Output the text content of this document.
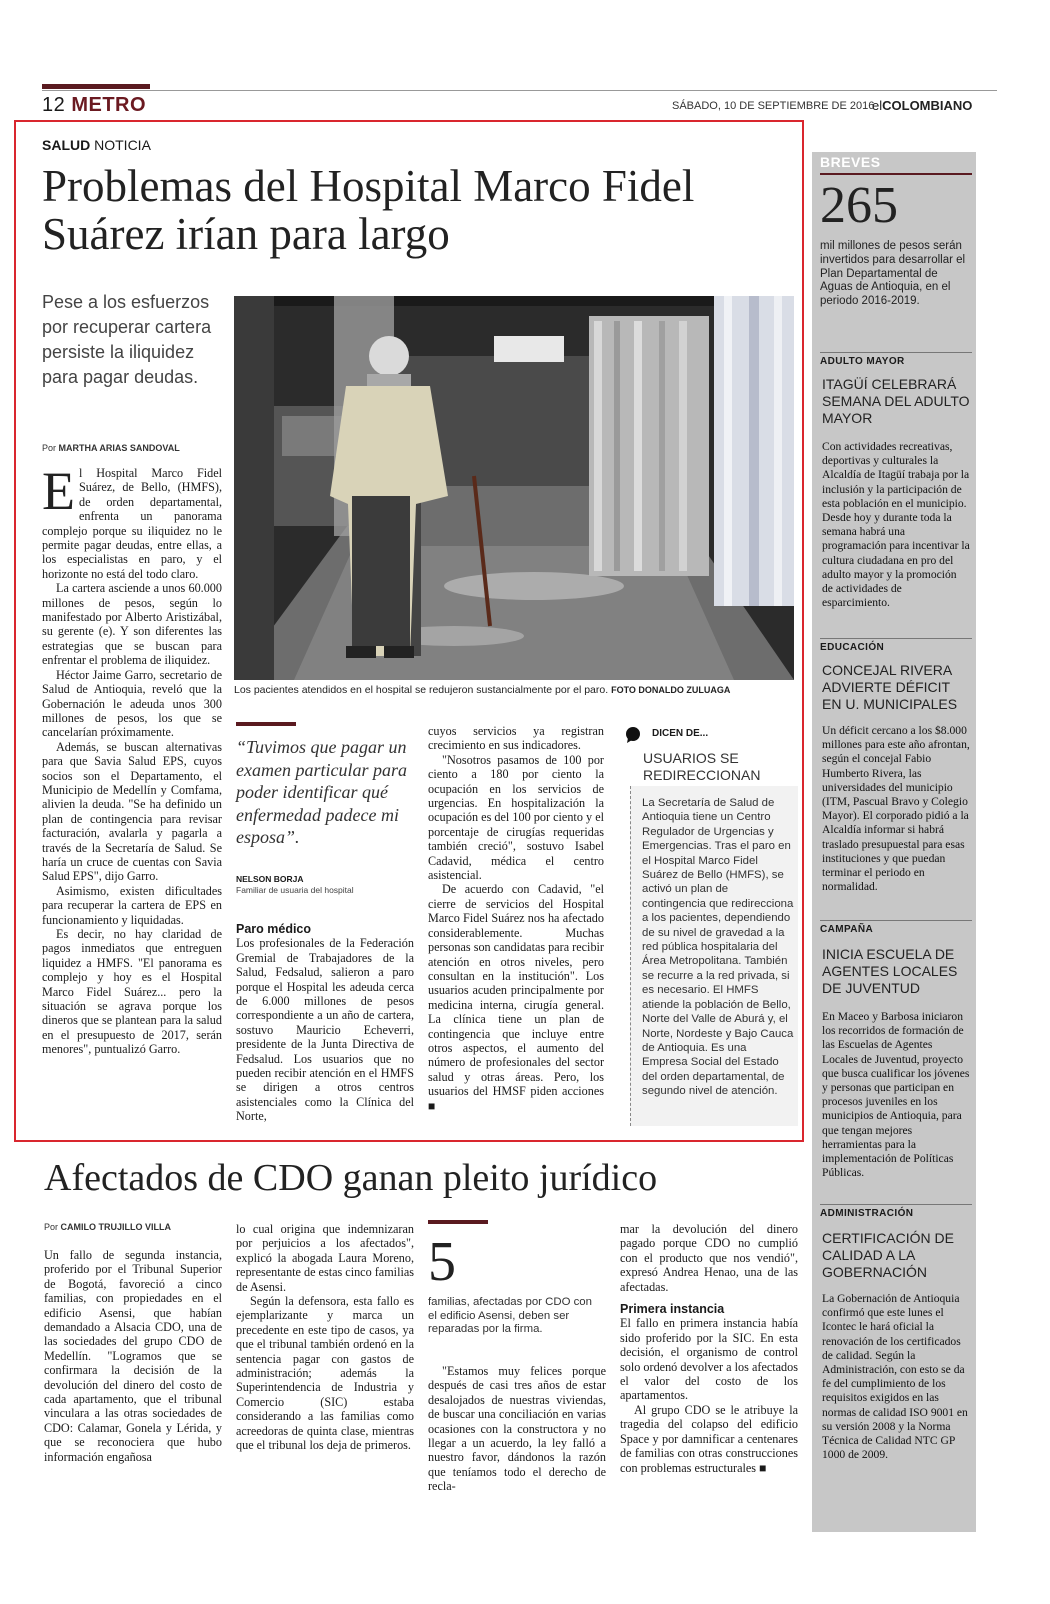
12 METRO	SÁBADO, 10 DE SEPTIEMBRE DE 2016
elCOLOMBIANO
SALUD NOTICIA
Problemas del Hospital Marco Fidel Suárez irían para largo
Pese a los esfuerzos por recuperar cartera persiste la iliquidez para pagar deudas.
Por MARTHA ARIAS SANDOVAL

El Hospital Marco Fidel Suárez, de Bello, (HMFS), de orden departamental, enfrenta un panorama complejo porque su iliquidez no le permite pagar deudas, entre ellas, a los especialistas en paro, y el horizonte no está del todo claro.

La cartera asciende a unos 60.000 millones de pesos, según lo manifestado por Alberto Aristizábal, su gerente (e). Y son diferentes las estrategias que se buscan para enfrentar el problema de iliquidez.

Héctor Jaime Garro, secretario de Salud de Antioquia, reveló que la Gobernación le adeuda unos 300 millones de pesos, los que se cancelarían próximamente.

Además, se buscan alternativas para que Savia Salud EPS, cuyos socios son el Departamento, el Municipio de Medellín y Comfama, alivien la deuda. "Se ha definido un plan de contingencia para revisar facturación, avalarla y pagarla a través de la Secretaría de Salud. Se haría un cruce de cuentas con Savia Salud EPS", dijo Garro.

Asimismo, existen dificultades para recuperar la cartera de EPS en funcionamiento y liquidadas.

Es decir, no hay claridad de pagos inmediatos que entreguen liquidez a HMFS. "El panorama es complejo y hoy es el Hospital Marco Fidel Suárez... pero la situación se agrava porque los dineros que se plantean para la salud en el presupuesto de 2017, serán menores", puntualizó Garro.

Los pacientes atendidos en el hospital se redujeron sustancialmente por el paro. FOTO DONALDO ZULUAGA
“Tuvimos que pagar un examen particular para poder identificar qué enfermedad padece mi esposa”.
NELSON BORJA
Familiar de usuaria del hospital
Paro médico

Los profesionales de la Federación Gremial de Trabajadores de la Salud, Fedsalud, salieron a paro porque el Hospital les adeuda cerca de 6.000 millones de pesos correspondiente a un año de cartera, sostuvo Mauricio Echeverri, presidente de la Junta Directiva de Fedsalud. Los usuarios que no pueden recibir atención en el HMFS se dirigen a otros centros asistenciales como la Clínica del Norte,

cuyos servicios ya registran crecimiento en sus indicadores.

"Nosotros pasamos de 100 por ciento a 180 por ciento la ocupación en los servicios de urgencias. En hospitalización la ocupación es del 100 por ciento y el porcentaje de cirugías requeridas también creció", sostuvo Isabel Cadavid, médica el centro asistencial.

De acuerdo con Cadavid, "el cierre de servicios del Hospital Marco Fidel Suárez nos ha afectado considerablemente. Muchas personas son candidatas para recibir atención en otros niveles, pero consultan en la institución". Los usuarios acuden principalmente por medicina interna, cirugía general. La clínica tiene un plan de contingencia que incluye entre otros aspectos, el aumento del número de profesionales del sector salud y otras áreas. Pero, los usuarios del HMSF piden acciones ■

DICEN DE...
USUARIOS SE REDIRECCIONAN
La Secretaría de Salud de Antioquia tiene un Centro Regulador de Urgencias y Emergencias. Tras el paro en el Hospital Marco Fidel Suárez de Bello (HMFS), se activó un plan de contingencia que redirecciona a los pacientes, dependiendo de su nivel de gravedad a la red pública hospitalaria del Área Metropolitana. También se recurre a la red privada, si es necesario. El HMFS atiende la población de Bello, Norte del Valle de Aburá y, el Norte, Nordeste y Bajo Cauca de Antioquia. Es una Empresa Social del Estado del orden departamental, de segundo nivel de atención.
BREVES
265
mil millones de pesos serán invertidos para desarrollar el Plan Departamental de Aguas de Antioquia, en el periodo 2016-2019.
ADULTO MAYOR
ITAGÜÍ CELEBRARÁ SEMANA DEL ADULTO MAYOR
Con actividades recreativas, deportivas y culturales la Alcaldía de Itagüí trabaja por la inclusión y la participación de esta población en el municipio. Desde hoy y durante toda la semana habrá una programación para incentivar la cultura ciudadana en pro del adulto mayor y la promoción de actividades de esparcimiento.
EDUCACIÓN
CONCEJAL RIVERA ADVIERTE DÉFICIT EN U. MUNICIPALES
Un déficit cercano a los $8.000 millones para este año afrontan, según el concejal Fabio Humberto Rivera, las universidades del municipio (ITM, Pascual Bravo y Colegio Mayor). El corporado pidió a la Alcaldía informar si habrá traslado presupuestal para esas instituciones y que puedan terminar el periodo en normalidad.
CAMPAÑA
INICIA ESCUELA DE AGENTES LOCALES DE JUVENTUD
En Maceo y Barbosa iniciaron los recorridos de formación de las Escuelas de Agentes Locales de Juventud, proyecto que busca cualificar los jóvenes y personas que participan en procesos juveniles en los municipios de Antioquia, para que tengan mejores herramientas para la implementación de Políticas Públicas.
ADMINISTRACIÓN
CERTIFICACIÓN DE CALIDAD A LA GOBERNACIÓN
La Gobernación de Antioquia confirmó que este lunes el Icontec le hará oficial la renovación de los certificados de calidad. Según la Administración, con esto se da fe del cumplimiento de los requisitos exigidos en las normas de calidad ISO 9001 en su versión 2008 y la Norma Técnica de Calidad NTC GP 1000 de 2009.
Afectados de CDO ganan pleito jurídico
Por CAMILO TRUJILLO VILLA

Un fallo de segunda instancia, proferido por el Tribunal Superior de Bogotá, favoreció a cinco familias, con propiedades en el edificio Asensi, que habían demandado a Alsacia CDO, una de las sociedades del grupo CDO de Medellín. "Logramos que se confirmara la decisión de la devolución del dinero del costo de cada apartamento, que el tribunal vinculara a las otras sociedades de CDO: Calamar, Gonela y Lérida, y que se reconociera que hubo información engañosa

lo cual origina que indemnizaran por perjuicios a los afectados", explicó la abogada Laura Moreno, representante de estas cinco familias de Asensi.

Según la defensora, esta fallo es ejemplarizante y marca un precedente en este tipo de casos, ya que el tribunal también ordenó en la sentencia pagar con gastos de administración; además la Superintendencia de Industria y Comercio (SIC) estaba considerando a las familias como acreedoras de quinta clase, mientras que el tribunal los deja de primeros.

5
familias, afectadas por CDO con el edificio Asensi, deben ser reparadas por la firma.

"Estamos muy felices porque después de casi tres años de estar desalojados de nuestras viviendas, de buscar una conciliación en varias ocasiones con la constructora y no llegar a un acuerdo, la ley falló a nuestro favor, dándonos la razón que teníamos todo el derecho de recla-

mar la devolución del dinero pagado porque CDO no cumplió con el producto que nos vendió", expresó Andrea Henao, una de las afectadas.

Primera instancia

El fallo en primera instancia había sido proferido por la SIC. En esta decisión, el organismo de control solo ordenó devolver a los afectados el valor del costo de los apartamentos.

Al grupo CDO se le atribuye la tragedia del colapso del edificio Space y por damnificar a centenares de familias con otras construcciones con problemas estructurales ■
